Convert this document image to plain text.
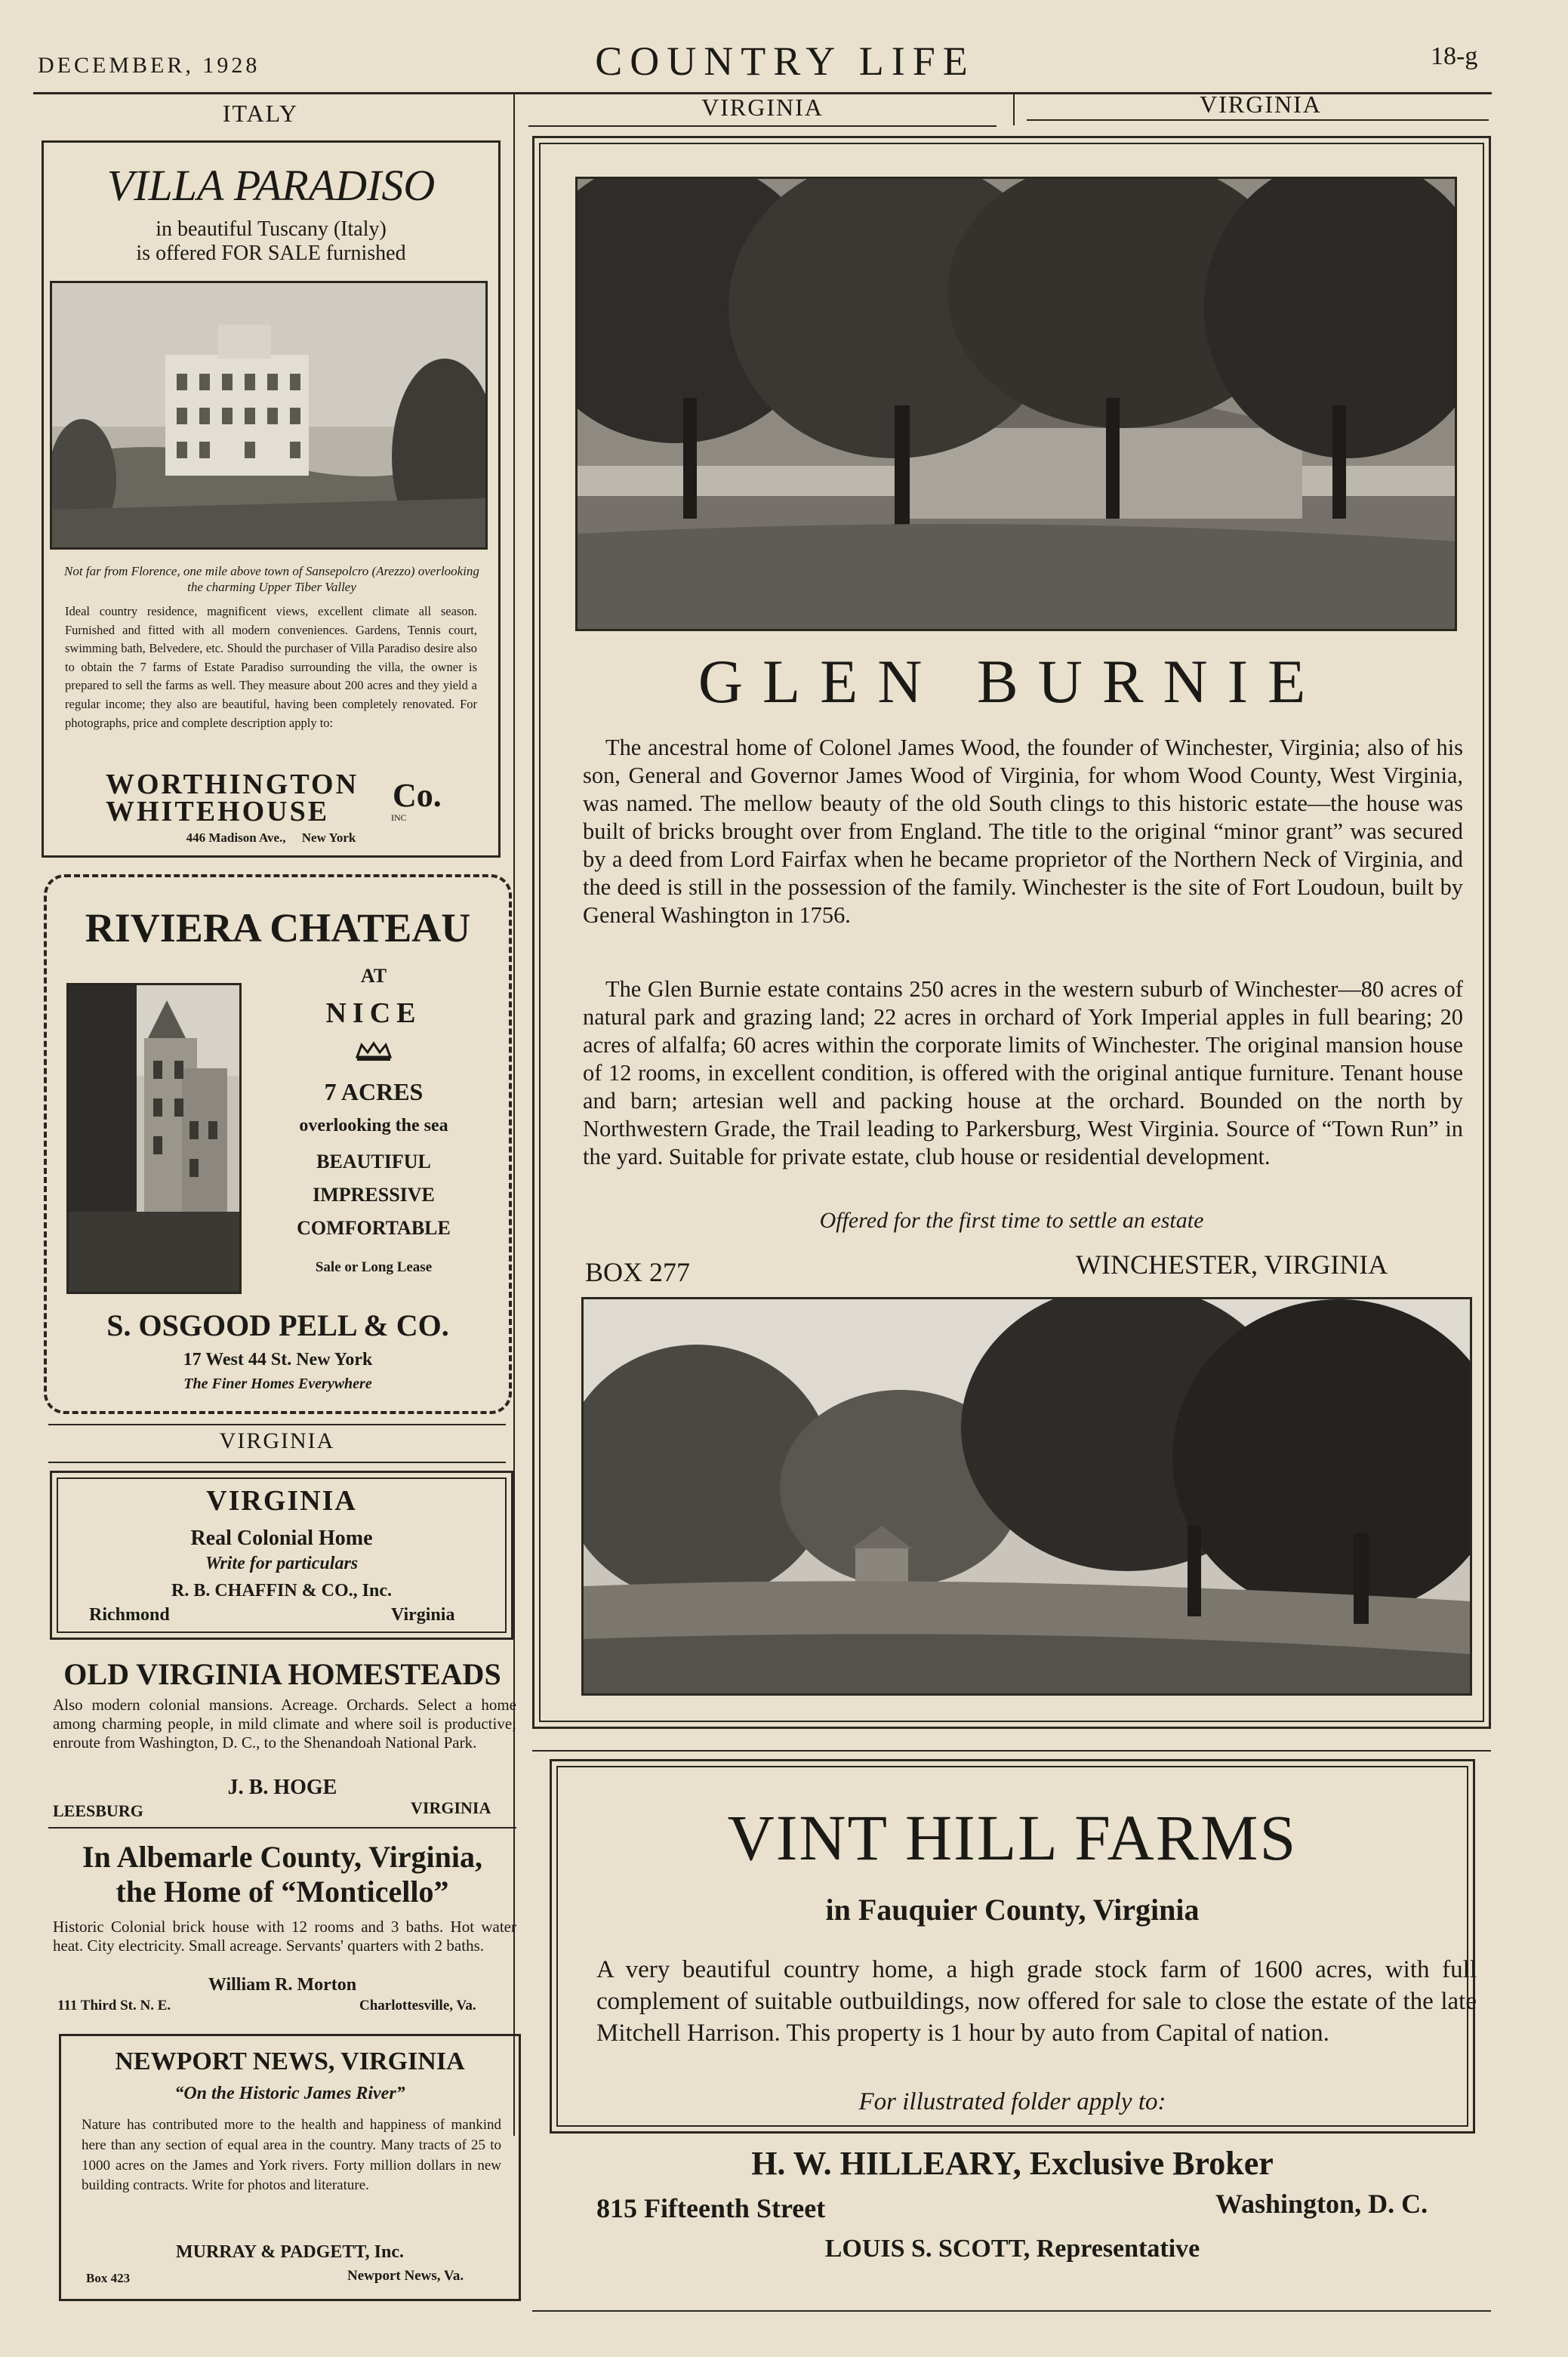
DECEMBER, 1928	COUNTRY LIFE	18-g
ITALY	VIRGINIA	VIRGINIA
VILLA PARADISO
in beautiful Tuscany (Italy)
is offered FOR SALE furnished
Not far from Florence, one mile above town of Sansepolcro (Arezzo) overlooking the charming Upper Tiber Valley
Ideal country residence, magnificent views, excellent climate all season. Furnished and fitted with all modern conveniences. Gardens, Tennis court, swimming bath, Belvedere, etc. Should the purchaser of Villa Paradiso desire also to obtain the 7 farms of Estate Paradiso surrounding the villa, the owner is prepared to sell the farms as well. They measure about 200 acres and they yield a regular income; they also are beautiful, having been completely renovated. For photographs, price and complete description apply to:
WORTHINGTON
WHITEHOUSE Co.
INC
446 Madison Ave.,     New York
RIVIERA CHATEAU
AT
NICE
7 ACRES
overlooking the sea
BEAUTIFUL
IMPRESSIVE
COMFORTABLE
Sale or Long Lease
S. OSGOOD PELL & CO.
17 West 44 St. New York
The Finer Homes Everywhere
VIRGINIA
VIRGINIA
Real Colonial Home
Write for particulars
R. B. CHAFFIN & CO., Inc.
Richmond	Virginia
OLD VIRGINIA HOMESTEADS
Also modern colonial mansions. Acreage. Orchards. Select a home among charming people, in mild climate and where soil is productive; enroute from Washington, D. C., to the Shenandoah National Park.
J. B. HOGE
LEESBURG	VIRGINIA
In Albemarle County, Virginia,
the Home of “Monticello”
Historic Colonial brick house with 12 rooms and 3 baths. Hot water heat. City electricity. Small acreage. Servants' quarters with 2 baths.
William R. Morton
111 Third St. N. E.	Charlottesville, Va.
NEWPORT NEWS, VIRGINIA
“On the Historic James River”
Nature has contributed more to the health and happiness of mankind here than any section of equal area in the country. Many tracts of 25 to 1000 acres on the James and York rivers. Forty million dollars in new building contracts. Write for photos and literature.
MURRAY & PADGETT, Inc.
Box 423	Newport News, Va.
GLEN BURNIE
The ancestral home of Colonel James Wood, the founder of Winchester, Virginia; also of his son, General and Governor James Wood of Virginia, for whom Wood County, West Virginia, was named. The mellow beauty of the old South clings to this historic estate—the house was built of bricks brought over from England. The title to the original “minor grant” was secured by a deed from Lord Fairfax when he became proprietor of the Northern Neck of Virginia, and the deed is still in the possession of the family. Winchester is the site of Fort Loudoun, built by General Washington in 1756.
The Glen Burnie estate contains 250 acres in the western suburb of Winchester—80 acres of natural park and grazing land; 22 acres in orchard of York Imperial apples in full bearing; 20 acres of alfalfa; 60 acres within the corporate limits of Winchester. The original mansion house of 12 rooms, in excellent condition, is offered with the original antique furniture. Tenant house and barn; artesian well and packing house at the orchard. Bounded on the north by Northwestern Grade, the Trail leading to Parkersburg, West Virginia. Source of “Town Run” in the yard. Suitable for private estate, club house or residential development.
Offered for the first time to settle an estate
BOX 277	WINCHESTER, VIRGINIA
VINT HILL FARMS
in Fauquier County, Virginia
A very beautiful country home, a high grade stock farm of 1600 acres, with full complement of suitable outbuildings, now offered for sale to close the estate of the late Mitchell Harrison. This property is 1 hour by auto from Capital of nation.
For illustrated folder apply to:
H. W. HILLEARY, Exclusive Broker
815 Fifteenth Street	Washington, D. C.
LOUIS S. SCOTT, Representative
